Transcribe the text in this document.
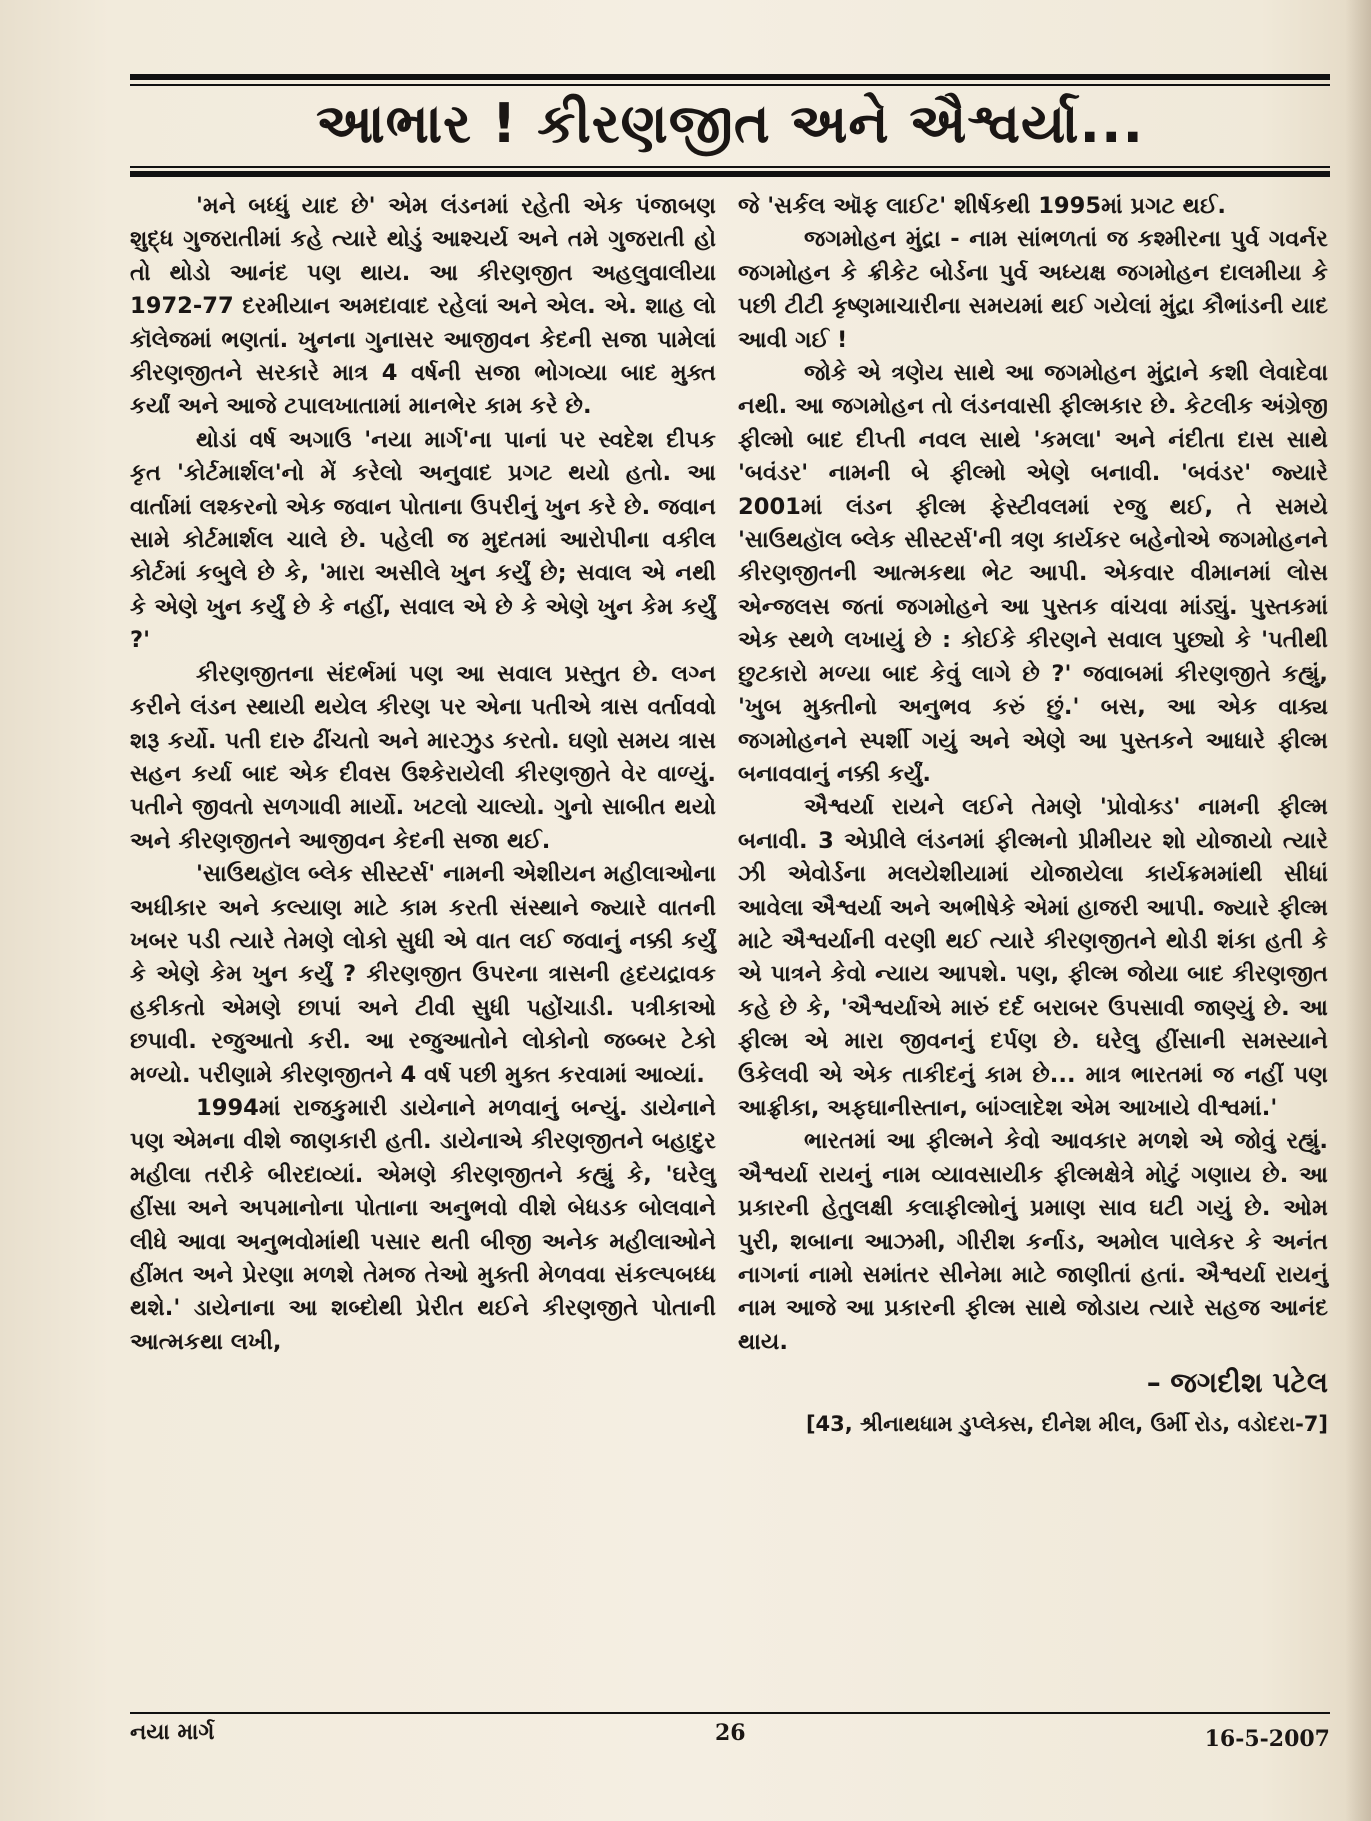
આભાર ! કીરણજીત અને ઐશ્વર્યા...

'મને બધ્ધું યાદ છે' એમ લંડનમાં રહેતી એક પંજાબણ શુદ્ધ ગુજરાતીમાં કહે ત્યારે થોડું આશ્ચર્ય અને તમે ગુજરાતી હો તો થોડો આનંદ પણ થાય. આ કીરણજીત અહલુવાલીયા 1972-77 દરમીયાન અમદાવાદ રહેલાં અને એલ. એ. શાહ લો કૉલેજમાં ભણતાં. ખુનના ગુનાસર આજીવન કેદની સજા પામેલાં કીરણજીતને સરકારે માત્ર 4 વર્ષની સજા ભોગવ્યા બાદ મુક્ત કર્યાં અને આજે ટપાલખાતામાં માનભેર કામ કરે છે.

થોડાં વર્ષ અગાઉ 'નયા માર્ગ'ના પાનાં પર સ્વદેશ દીપક કૃત 'કોર્ટમાર્શલ'નો મેં કરેલો અનુવાદ પ્રગટ થયો હતો. આ વાર્તામાં લશ્કરનો એક જવાન પોતાના ઉપરીનું ખુન કરે છે. જવાન સામે કોર્ટમાર્શલ ચાલે છે. પહેલી જ મુદતમાં આરોપીના વકીલ કોર્ટમાં કબુલે છે કે, 'મારા અસીલે ખુન કર્યું છે; સવાલ એ નથી કે એણે ખુન કર્યું છે કે નહીં, સવાલ એ છે કે એણે ખુન કેમ કર્યું ?'

કીરણજીતના સંદર્ભમાં પણ આ સવાલ પ્રસ્તુત છે. લગ્ન કરીને લંડન સ્થાયી થયેલ કીરણ પર એના પતીએ ત્રાસ વર્તાવવો શરૂ કર્યો. પતી દારુ ઢીંચતો અને મારઝુડ કરતો. ઘણો સમય ત્રાસ સહન કર્યા બાદ એક દીવસ ઉશ્કેરાયેલી કીરણજીતે વેર વાળ્યું. પતીને જીવતો સળગાવી માર્યો. ખટલો ચાલ્યો. ગુનો સાબીત થયો અને કીરણજીતને આજીવન કેદની સજા થઈ.

'સાઉથહૉલ બ્લેક સીસ્ટર્સ' નામની એશીયન મહીલાઓના અધીકાર અને કલ્યાણ માટે કામ કરતી સંસ્થાને જ્યારે વાતની ખબર પડી ત્યારે તેમણે લોકો સુધી એ વાત લઈ જવાનું નક્કી કર્યું કે એણે કેમ ખુન કર્યું ? કીરણજીત ઉપરના ત્રાસની હૃદયદ્રાવક હકીકતો એમણે છાપાં અને ટીવી સુધી પહોંચાડી. પત્રીકાઓ છપાવી. રજુઆતો કરી. આ રજુઆતોને લોકોનો જબ્બર ટેકો મળ્યો. પરીણામે કીરણજીતને 4 વર્ષ પછી મુક્ત કરવામાં આવ્યાં.

1994માં રાજકુમારી ડાયેનાને મળવાનું બન્યું. ડાયેનાને પણ એમના વીશે જાણકારી હતી. ડાયેનાએ કીરણજીતને બહાદુર મહીલા તરીકે બીરદાવ્યાં. એમણે કીરણજીતને કહ્યું કે, 'ઘરેલુ હીંસા અને અપમાનોના પોતાના અનુભવો વીશે બેધડક બોલવાને લીધે આવા અનુભવોમાંથી પસાર થતી બીજી અનેક મહીલાઓને હીંમત અને પ્રેરણા મળશે તેમજ તેઓ મુક્તી મેળવવા સંકલ્પબધ્ધ થશે.' ડાયેનાના આ શબ્દોથી પ્રેરીત થઈને કીરણજીતે પોતાની આત્મકથા લખી,

જે 'સર્કલ ઑફ લાઈટ' શીર્ષકથી 1995માં પ્રગટ થઈ.

જગમોહન મુંદ્રા - નામ સાંભળતાં જ કશ્મીરના પુર્વ ગવર્નર જગમોહન કે ક્રીકેટ બોર્ડના પુર્વ અધ્યક્ષ જગમોહન દાલમીયા કે પછી ટીટી કૃષ્ણમાચારીના સમયમાં થઈ ગયેલાં મુંદ્રા કૌભાંડની યાદ આવી ગઈ !

જોકે એ ત્રણેય સાથે આ જગમોહન મુંદ્રાને કશી લેવાદેવા નથી. આ જગમોહન તો લંડનવાસી ફીલ્મકાર છે. કેટલીક અંગ્રેજી ફીલ્મો બાદ દીપ્તી નવલ સાથે 'કમલા' અને નંદીતા દાસ સાથે 'બવંડર' નામની બે ફીલ્મો એણે બનાવી. 'બવંડર' જ્યારે 2001માં લંડન ફીલ્મ ફેસ્ટીવલમાં રજુ થઈ, તે સમયે 'સાઉથહૉલ બ્લેક સીસ્ટર્સ'ની ત્રણ કાર્યકર બહેનોએ જગમોહનને કીરણજીતની આત્મકથા ભેટ આપી. એકવાર વીમાનમાં લોસ એન્જલસ જતાં જગમોહને આ પુસ્તક વાંચવા માંડ્યું. પુસ્તકમાં એક સ્થળે લખાયું છે : કોઈકે કીરણને સવાલ પુછ્યો કે 'પતીથી છુટકારો મળ્યા બાદ કેવું લાગે છે ?' જવાબમાં કીરણજીતે કહ્યું, 'ખુબ મુક્તીનો અનુભવ કરું છું.' બસ, આ એક વાક્ય જગમોહનને સ્પર્શી ગયું અને એણે આ પુસ્તકને આધારે ફીલ્મ બનાવવાનું નક્કી કર્યું.

ઐશ્વર્યા રાયને લઈને તેમણે 'પ્રોવોક્ડ' નામની ફીલ્મ બનાવી. 3 એપ્રીલે લંડનમાં ફીલ્મનો પ્રીમીયર શો યોજાયો ત્યારે ઝી એવોર્ડના મલયેશીયામાં યોજાયેલા કાર્યક્રમમાંથી સીધાં આવેલા ઐશ્વર્યા અને અભીષેકે એમાં હાજરી આપી. જ્યારે ફીલ્મ માટે ઐશ્વર્યાની વરણી થઈ ત્યારે કીરણજીતને થોડી શંકા હતી કે એ પાત્રને કેવો ન્યાય આપશે. પણ, ફીલ્મ જોયા બાદ કીરણજીત કહે છે કે, 'ઐશ્વર્યાએ મારું દર્દ બરાબર ઉપસાવી જાણ્યું છે. આ ફીલ્મ એ મારા જીવનનું દર્પણ છે. ઘરેલુ હીંસાની સમસ્યાને ઉકેલવી એ એક તાકીદનું કામ છે... માત્ર ભારતમાં જ નહીં પણ આફ્રીકા, અફઘાનીસ્તાન, બાંગ્લાદેશ એમ આખાયે વીશ્વમાં.'

ભારતમાં આ ફીલ્મને કેવો આવકાર મળશે એ જોવું રહ્યું. ઐશ્વર્યા રાયનું નામ વ્યાવસાયીક ફીલ્મક્ષેત્રે મોટું ગણાય છે. આ પ્રકારની હેતુલક્ષી કલાફીલ્મોનું પ્રમાણ સાવ ઘટી ગયું છે. ઓમ પુરી, શબાના આઝમી, ગીરીશ કર્નાડ, અમોલ પાલેકર કે અનંત નાગનાં નામો સમાંતર સીનેમા માટે જાણીતાં હતાં. ઐશ્વર્યા રાયનું નામ આજે આ પ્રકારની ફીલ્મ સાથે જોડાય ત્યારે સહજ આનંદ થાય.

– જગદીશ પટેલ
[43, શ્રીનાથધામ ડુપ્લેક્સ, દીનેશ મીલ, ઉર્મી રોડ, વડોદરા-7]
નયા માર્ગ	26	16-5-2007
